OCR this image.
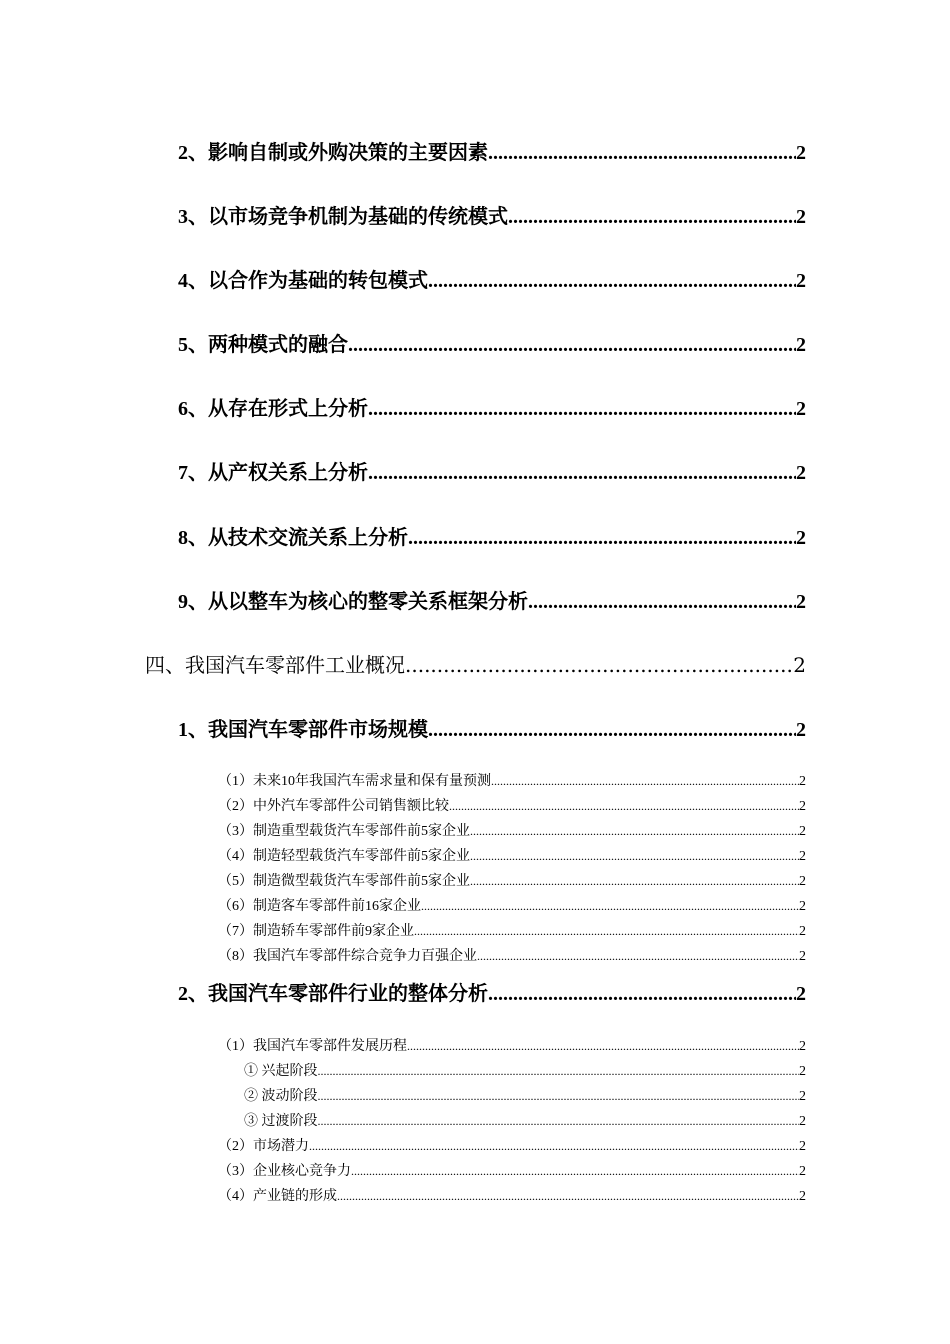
2、影响自制或外购决策的主要因素 .....	2
3、以市场竞争机制为基础的传统模式 .....	2
4、以合作为基础的转包模式 .....	2
5、两种模式的融合 .....	2
6、从存在形式上分析 .....	2
7、从产权关系上分析 .....	2
8、从技术交流关系上分析 .....	2
9、从以整车为核心的整零关系框架分析 .....	2
四、我国汽车零部件工业概况 .....	2
1、我国汽车零部件市场规模 .....	2
（1）未来10年我国汽车需求量和保有量预测 .....	2
（2）中外汽车零部件公司销售额比较 .....	2
（3）制造重型载货汽车零部件前5家企业 .....	2
（4）制造轻型载货汽车零部件前5家企业 .....	2
（5）制造微型载货汽车零部件前5家企业 .....	2
（6）制造客车零部件前16家企业 .....	2
（7）制造轿车零部件前9家企业 .....	2
（8）我国汽车零部件综合竞争力百强企业 .....	2
2、我国汽车零部件行业的整体分析 .....	2
（1）我国汽车零部件发展历程 .....	2
① 兴起阶段 .....	2
② 波动阶段 .....	2
③ 过渡阶段 .....	2
（2）市场潜力 .....	2
（3）企业核心竞争力 .....	2
（4）产业链的形成 .....	2
